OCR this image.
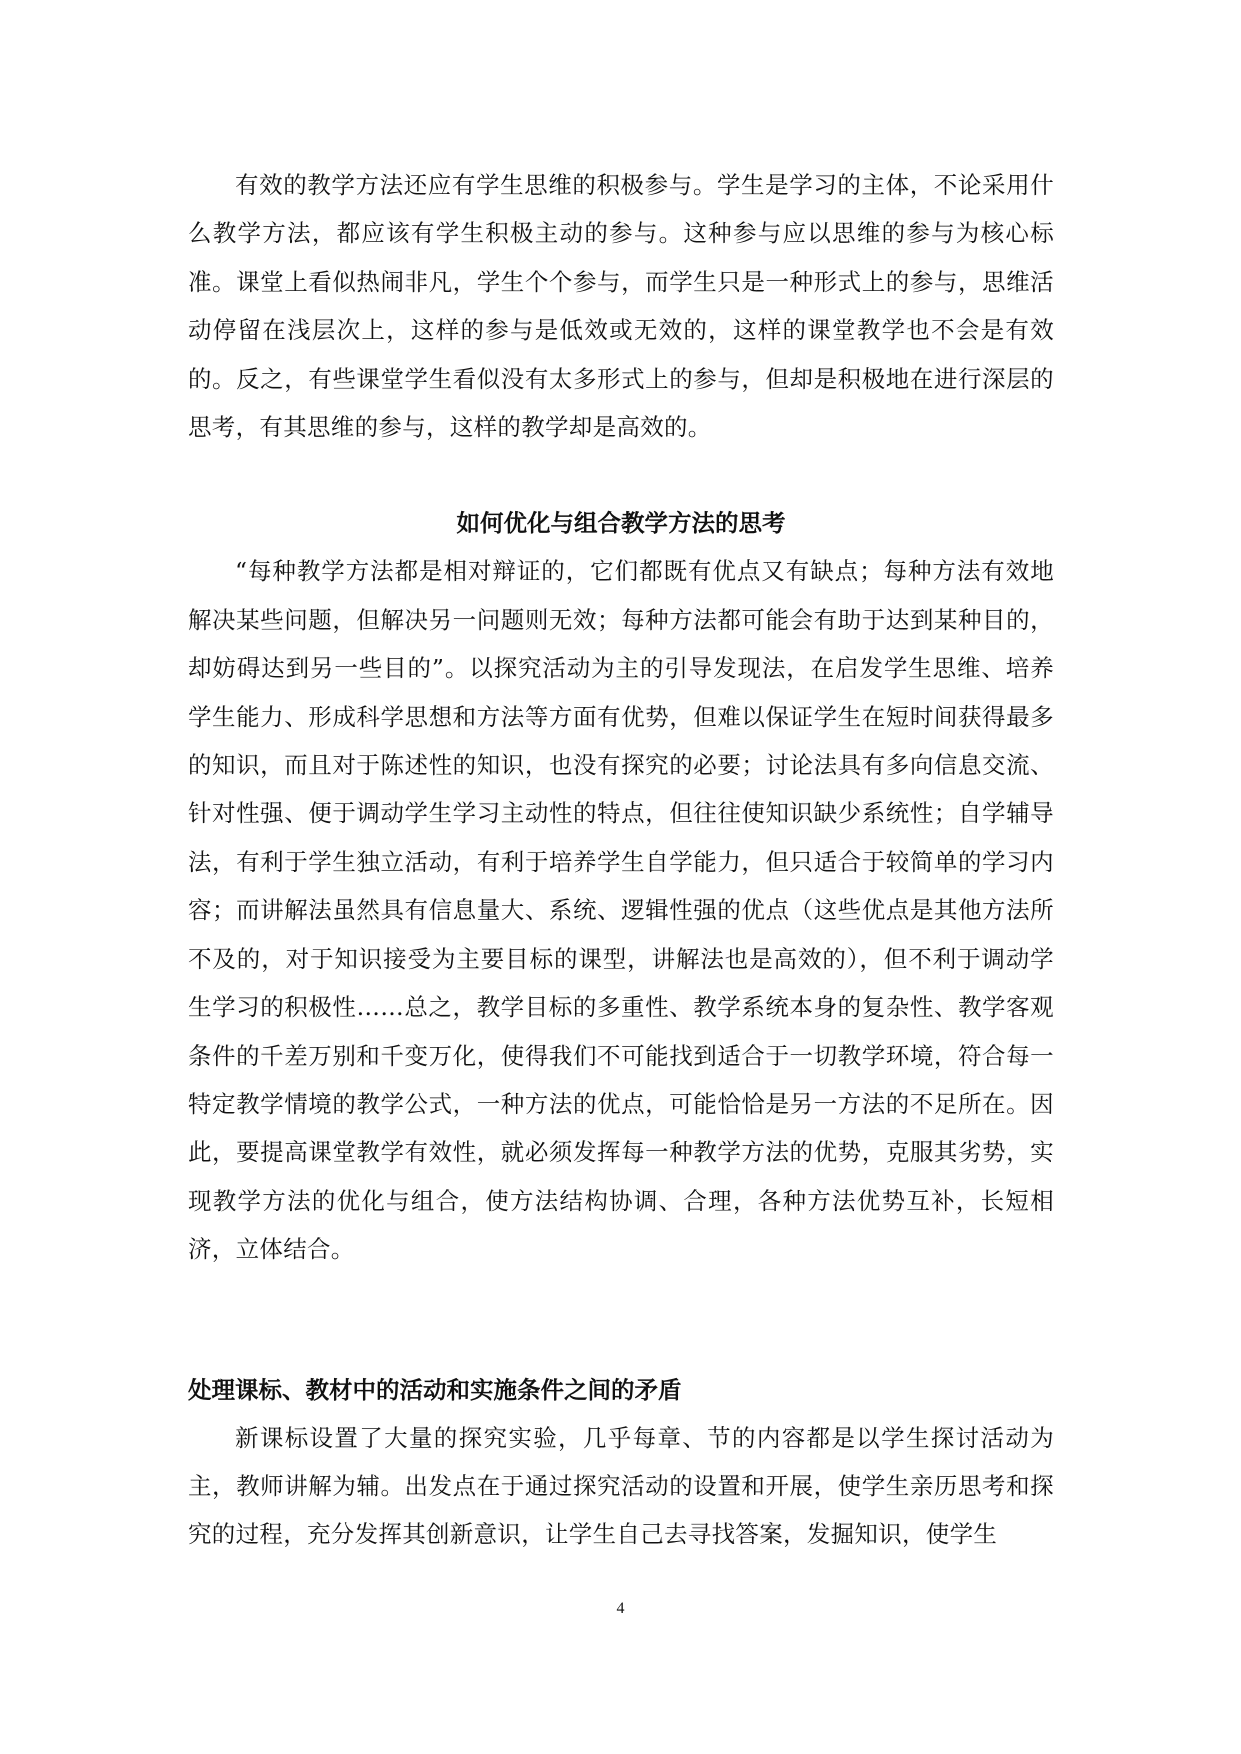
有效的教学方法还应有学生思维的积极参与。学生是学习的主体，不论采用什么教学方法，都应该有学生积极主动的参与。这种参与应以思维的参与为核心标准。课堂上看似热闹非凡，学生个个参与，而学生只是一种形式上的参与，思维活动停留在浅层次上，这样的参与是低效或无效的，这样的课堂教学也不会是有效的。反之，有些课堂学生看似没有太多形式上的参与，但却是积极地在进行深层的思考，有其思维的参与，这样的教学却是高效的。

如何优化与组合教学方法的思考

“每种教学方法都是相对辩证的，它们都既有优点又有缺点；每种方法有效地解决某些问题，但解决另一问题则无效；每种方法都可能会有助于达到某种目的，却妨碍达到另一些目的”。以探究活动为主的引导发现法，在启发学生思维、培养学生能力、形成科学思想和方法等方面有优势，但难以保证学生在短时间获得最多的知识，而且对于陈述性的知识，也没有探究的必要；讨论法具有多向信息交流、针对性强、便于调动学生学习主动性的特点，但往往使知识缺少系统性；自学辅导法，有利于学生独立活动，有利于培养学生自学能力，但只适合于较简单的学习内容；而讲解法虽然具有信息量大、系统、逻辑性强的优点（这些优点是其他方法所不及的，对于知识接受为主要目标的课型，讲解法也是高效的），但不利于调动学生学习的积极性……总之，教学目标的多重性、教学系统本身的复杂性、教学客观条件的千差万别和千变万化，使得我们不可能找到适合于一切教学环境，符合每一特定教学情境的教学公式，一种方法的优点，可能恰恰是另一方法的不足所在。因此，要提高课堂教学有效性，就必须发挥每一种教学方法的优势，克服其劣势，实现教学方法的优化与组合，使方法结构协调、合理，各种方法优势互补，长短相济，立体结合。

处理课标、教材中的活动和实施条件之间的矛盾

新课标设置了大量的探究实验，几乎每章、节的内容都是以学生探讨活动为主，教师讲解为辅。出发点在于通过探究活动的设置和开展，使学生亲历思考和探究的过程，充分发挥其创新意识，让学生自己去寻找答案，发掘知识，使学生

4
